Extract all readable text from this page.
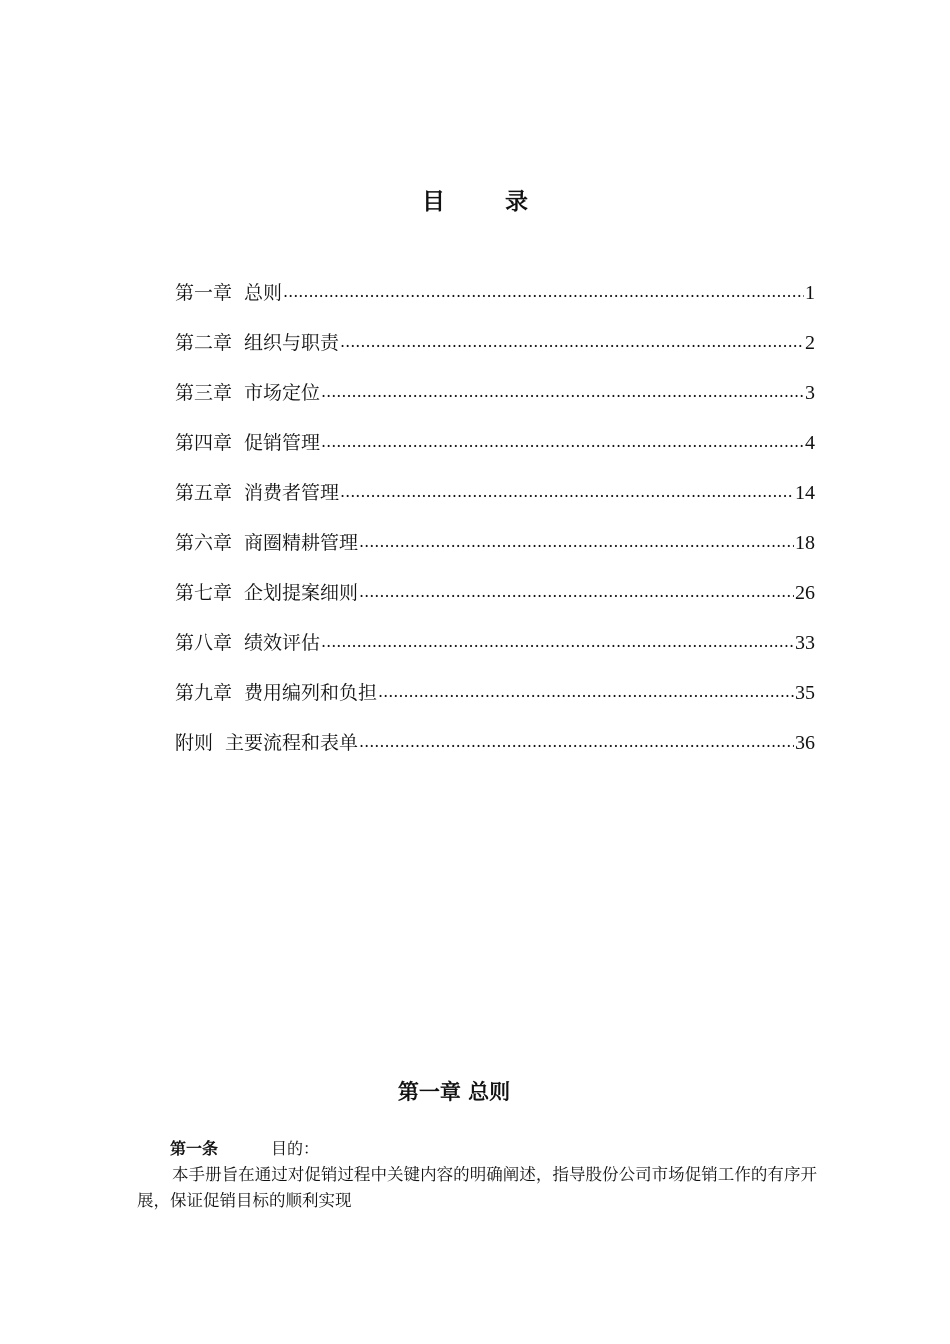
目 录
第一章 总则 .....	1
第二章 组织与职责 .....	2
第三章 市场定位 .....	3
第四章 促销管理 .....	4
第五章 消费者管理 .....	14
第六章 商圈精耕管理 .....	18
第七章 企划提案细则 .....	26
第八章 绩效评估 .....	33
第九章 费用编列和负担 .....	35
附则 主要流程和表单 .....	36
第一章 总则
第一条	目的：
本手册旨在通过对促销过程中关键内容的明确阐述，指导股份公司市场促销工作的有序开展，保证促销目标的顺利实现
